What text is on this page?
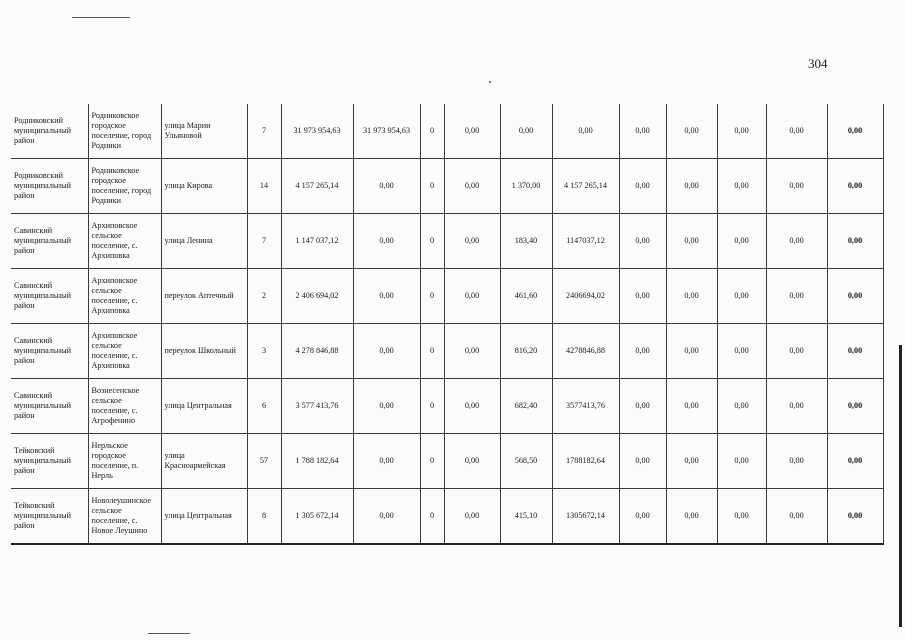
304
Родниковский муниципальный район	Родниковское городское поселение, город Родники	улица Марии Ульяновой	7	31 973 954,63	31 973 954,63	0	0,00	0,00	0,00	0,00	0,00	0,00	0,00	0,00
Родниковский муниципальный район	Родниковское городское поселение, город Родники	улица Кирова	14	4 157 265,14	0,00	0	0,00	1 370,00	4 157 265,14	0,00	0,00	0,00	0,00	0,00
Савинский муниципальный район	Архиповское сельское поселение, с. Архиповка	улица Ленина	7	1 147 037,12	0,00	0	0,00	183,40	1147037,12	0,00	0,00	0,00	0,00	0,00
Савинский муниципальный район	Архиповское сельское поселение, с. Архиповка	переулок Аптечный	2	2 406 694,02	0,00	0	0,00	461,60	2406694,02	0,00	0,00	0,00	0,00	0,00
Савинский муниципальный район	Архиповское сельское поселение, с. Архиповка	переулок Школьный	3	4 278 846,88	0,00	0	0,00	816,20	4278846,88	0,00	0,00	0,00	0,00	0,00
Савинский муниципальный район	Вознесенское сельское поселение, с. Агрофенино	улица Центральная	6	3 577 413,76	0,00	0	0,00	682,40	3577413,76	0,00	0,00	0,00	0,00	0,00
Тейковский муниципальный район	Нерльское городское поселение, п. Нерль	улица Красноармейская	57	1 788 182,64	0,00	0	0,00	568,50	1788182,64	0,00	0,00	0,00	0,00	0,00
Тейковский муниципальный район	Новолеушинское сельское поселение, с. Новое Леушино	улица Центральная	8	1 305 672,14	0,00	0	0,00	415,10	1305672,14	0,00	0,00	0,00	0,00	0,00
